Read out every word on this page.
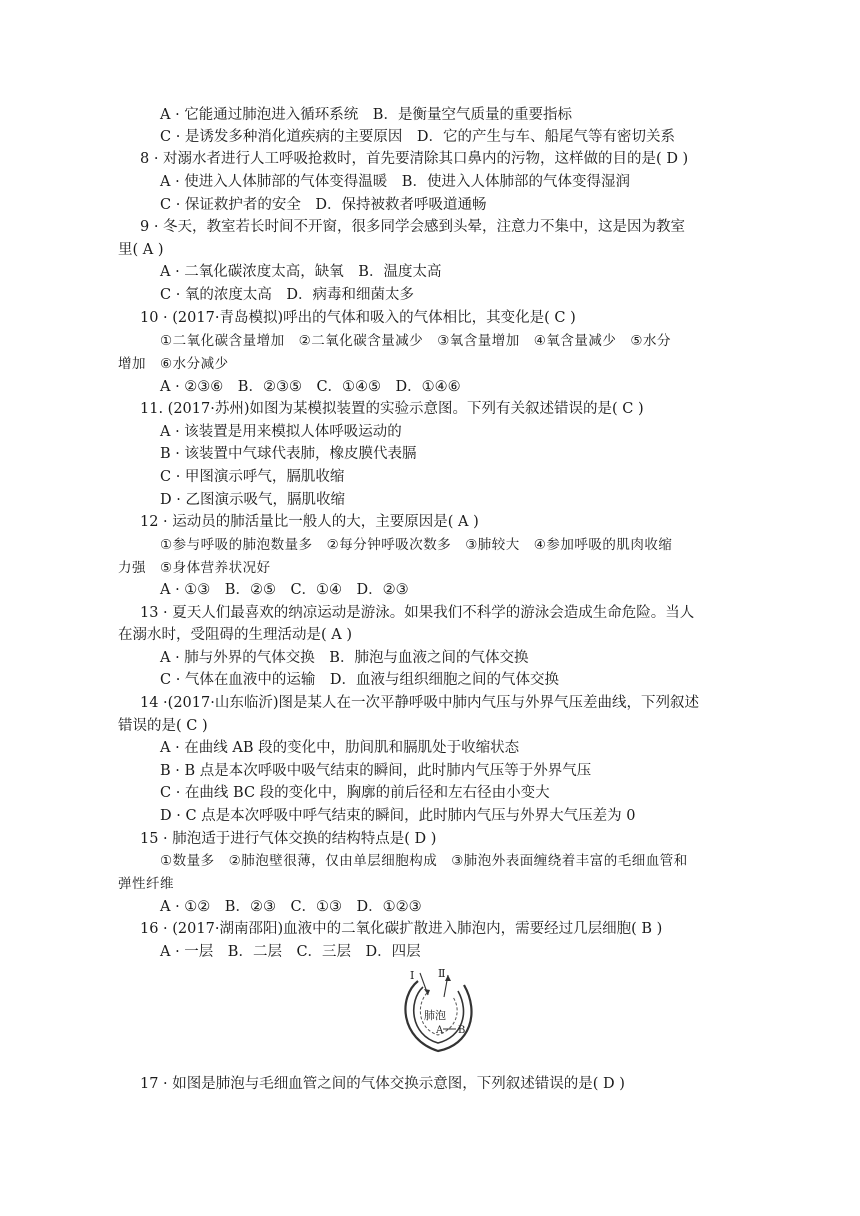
A · 它能通过肺泡进入循环系统　B．是衡量空气质量的重要指标
C · 是诱发多种消化道疾病的主要原因　D．它的产生与车、船尾气等有密切关系
8 · 对溺水者进行人工呼吸抢救时，首先要清除其口鼻内的污物，这样做的目的是( D )
A · 使进入人体肺部的气体变得温暖　B．使进入人体肺部的气体变得湿润
C · 保证救护者的安全　D．保持被救者呼吸道通畅
9 · 冬天，教室若长时间不开窗，很多同学会感到头晕，注意力不集中，这是因为教室
里( A )
A · 二氧化碳浓度太高，缺氧　B．温度太高
C · 氧的浓度太高　D．病毒和细菌太多
10 · (2017·青岛模拟)呼出的气体和吸入的气体相比，其变化是( C )
①二氧化碳含量增加　②二氧化碳含量减少　③氧含量增加　④氧含量减少　⑤水分
增加　⑥水分减少
A · ②③⑥　B．②③⑤　C．①④⑤　D．①④⑥
11. (2017·苏州)如图为某模拟装置的实验示意图。下列有关叙述错误的是( C )
A · 该装置是用来模拟人体呼吸运动的
B · 该装置中气球代表肺，橡皮膜代表膈
C · 甲图演示呼气，膈肌收缩
D · 乙图演示吸气，膈肌收缩
12 · 运动员的肺活量比一般人的大，主要原因是( A )
①参与呼吸的肺泡数量多　②每分钟呼吸次数多　③肺较大　④参加呼吸的肌肉收缩
力强　⑤身体营养状况好
A · ①③　B．②⑤　C．①④　D．②③
13 · 夏天人们最喜欢的纳凉运动是游泳。如果我们不科学的游泳会造成生命危险。当人
在溺水时，受阻碍的生理活动是( A )
A · 肺与外界的气体交换　B．肺泡与血液之间的气体交换
C · 气体在血液中的运输　D．血液与组织细胞之间的气体交换
14 ·(2017·山东临沂)图是某人在一次平静呼吸中肺内气压与外界气压差曲线，下列叙述
错误的是( C )
A · 在曲线 AB 段的变化中，肋间肌和膈肌处于收缩状态
B · B 点是本次呼吸中吸气结束的瞬间，此时肺内气压等于外界气压
C · 在曲线 BC 段的变化中，胸廓的前后径和左右径由小变大
D · C 点是本次呼吸中呼气结束的瞬间，此时肺内气压与外界大气压差为 0
15 · 肺泡适于进行气体交换的结构特点是( D )
①数量多　②肺泡壁很薄，仅由单层细胞构成　③肺泡外表面缠绕着丰富的毛细血管和
弹性纤维
A · ①②　B．②③　C．①③　D．①②③
16 · (2017·湖南邵阳)血液中的二氧化碳扩散进入肺泡内，需要经过几层细胞( B )
A · 一层　B．二层　C．三层　D．四层
Ⅰ Ⅱ
肺泡
A B
17 · 如图是肺泡与毛细血管之间的气体交换示意图，下列叙述错误的是( D )
